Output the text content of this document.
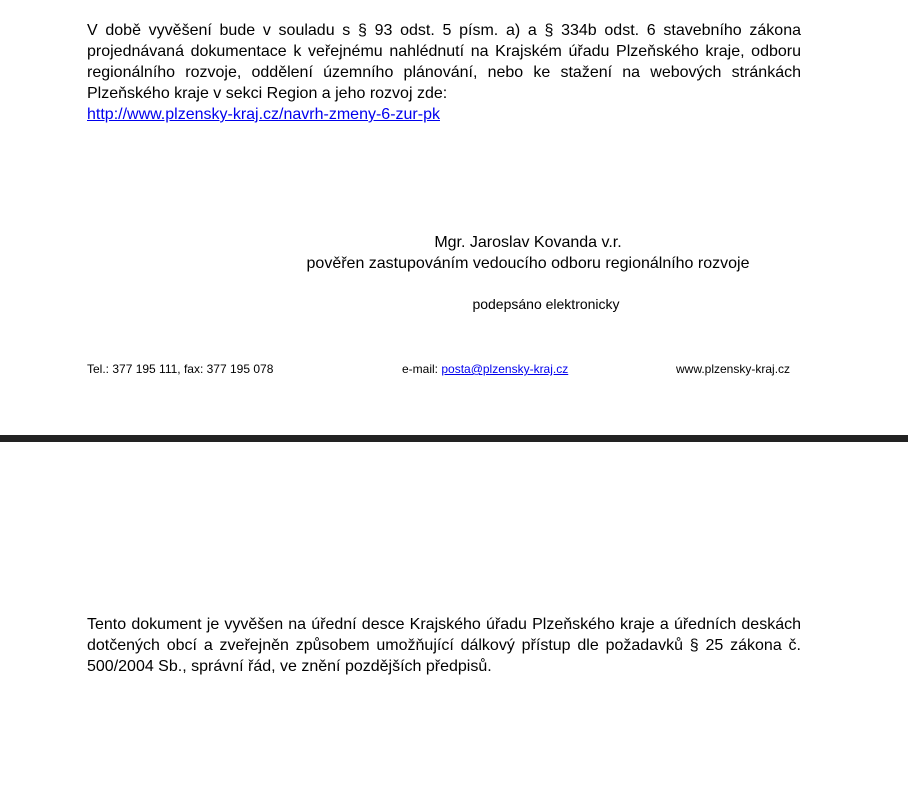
V době vyvěšení bude v souladu s § 93 odst. 5 písm. a) a § 334b odst. 6 stavebního zákona projednávaná dokumentace k veřejnému nahlédnutí na Krajském úřadu Plzeňského kraje, odboru regionálního rozvoje, oddělení územního plánování, nebo ke stažení na webových stránkách Plzeňského kraje v sekci Region a jeho rozvoj zde:
http://www.plzensky-kraj.cz/navrh-zmeny-6-zur-pk

Mgr. Jaroslav Kovanda v.r.

pověřen zastupováním vedoucího odboru regionálního rozvoje

podepsáno elektronicky

Tel.: 377 195 111, fax: 377 195 078	e-mail: posta@plzensky-kraj.cz	www.plzensky-kraj.cz

Tento dokument je vyvěšen na úřední desce Krajského úřadu Plzeňského kraje a úředních deskách dotčených obcí a zveřejněn způsobem umožňující dálkový přístup dle požadavků § 25 zákona č. 500/2004 Sb., správní řád, ve znění pozdějších předpisů.
